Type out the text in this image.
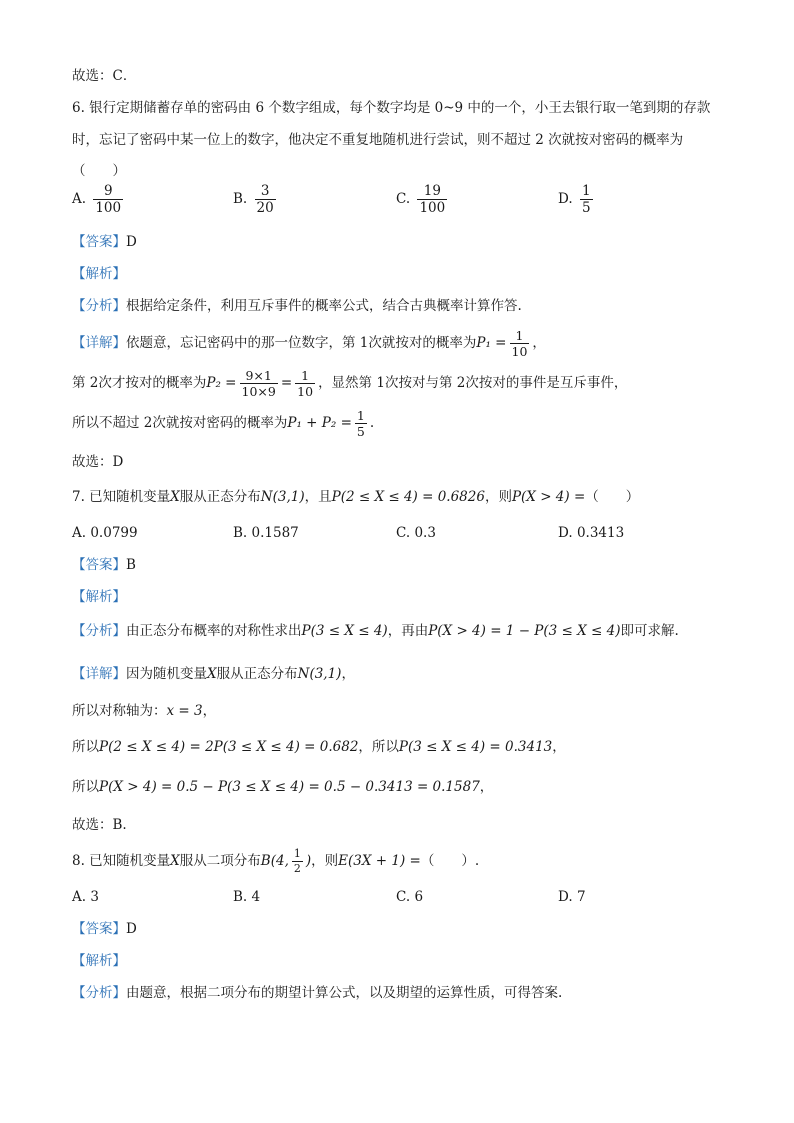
故选：C．
6. 银行定期储蓄存单的密码由 6 个数字组成，每个数字均是 0~9 中的一个，小王去银行取一笔到期的存款
时，忘记了密码中某一位上的数字，他决定不重复地随机进行尝试，则不超过 2 次就按对密码的概率为
（　　）
A. $\frac{9}{100}$	B. $\frac{3}{20}$	C. $\frac{19}{100}$	D. $\frac{1}{5}$
【答案】D
【解析】
【分析】根据给定条件，利用互斥事件的概率公式，结合古典概率计算作答.
【详解】依题意，忘记密码中的那一位数字，第 1次就按对的概率为$P_1 = \frac{1}{10}$ ，
第 2次才按对的概率为$P_2 = \frac{9\times 1}{10\times 9} = \frac{1}{10}$ ，显然第 1次按对与第 2次按对的事件是互斥事件，
所以不超过 2次就按对密码的概率为$P_1 + P_2 = \frac{1}{5}$ .
故选：D
7. 已知随机变量X服从正态分布N(3,1)，且P(2 ≤ X ≤ 4) = 0.6826，则P(X > 4) =（　　）
A. 0.0799	B. 0.1587	C. 0.3	D. 0.3413
【答案】B
【解析】
【分析】由正态分布概率的对称性求出P(3 ≤ X ≤ 4)，再由P(X > 4) = 1 − P(3 ≤ X ≤ 4)即可求解.
【详解】因为随机变量X服从正态分布N(3,1)，
所以对称轴为：x = 3，
所以P(2 ≤ X ≤ 4) = 2P(3 ≤ X ≤ 4) = 0.682，所以P(3 ≤ X ≤ 4) = 0.3413，
所以P(X > 4) = 0.5 − P(3 ≤ X ≤ 4) = 0.5 − 0.3413 = 0.1587，
故选：B.
8. 已知随机变量X服从二项分布B(4, $\frac{1}{2}$ )，则E(3X + 1) =（　　）.
A. 3	B. 4	C. 6	D. 7
【答案】D
【解析】
【分析】由题意，根据二项分布的期望计算公式，以及期望的运算性质，可得答案.
